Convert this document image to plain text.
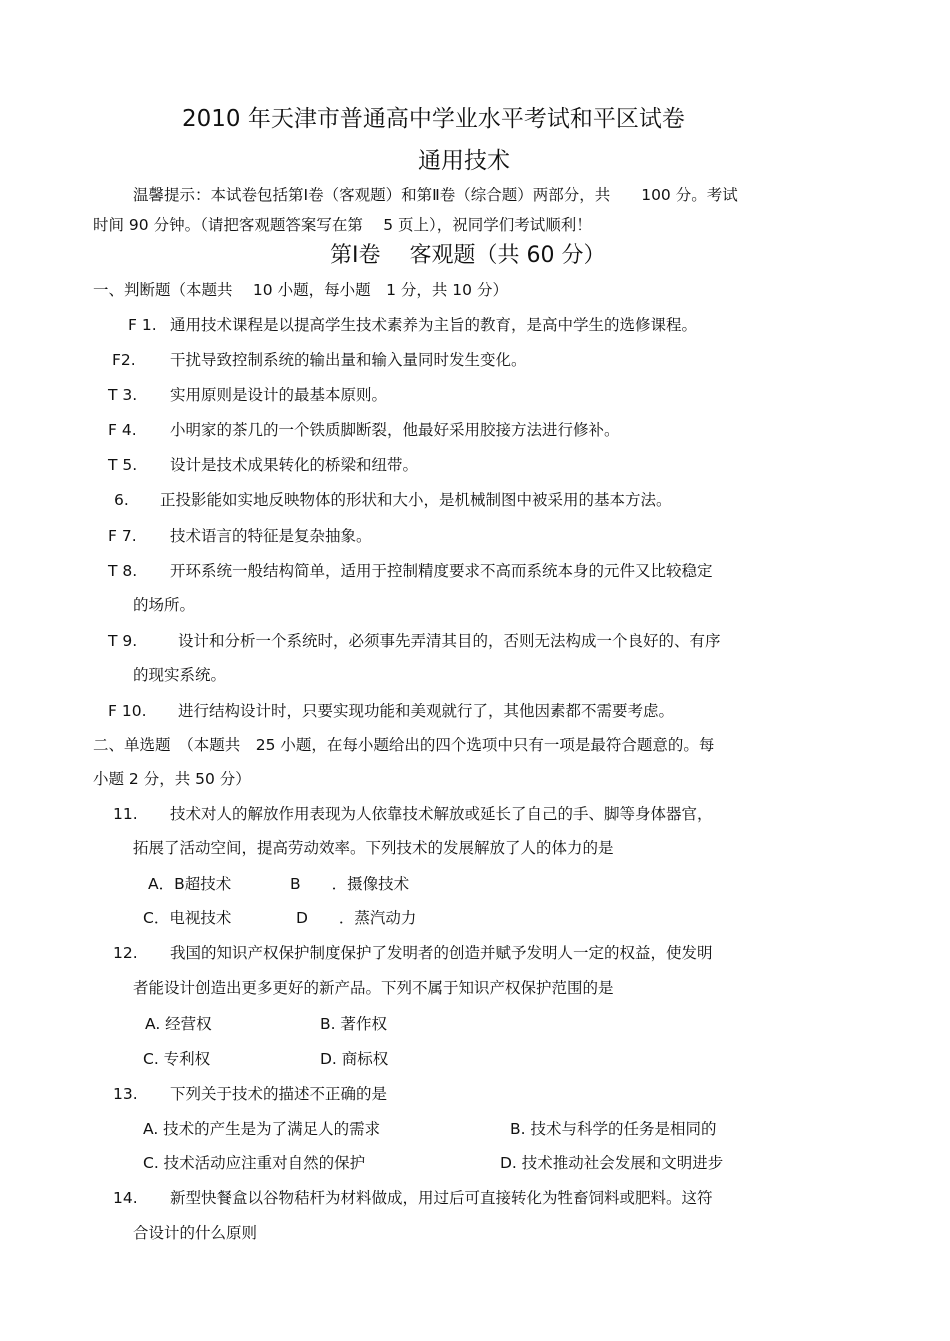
2010 年天津市普通高中学业水平考试和平区试卷
通用技术
温馨提示：本试卷包括第Ⅰ卷（客观题）和第Ⅱ卷（综合题）两部分，共　　100 分。考试
时间 90 分钟。（请把客观题答案写在第　 5 页上），祝同学们考试顺利！
第Ⅰ卷　 客观题（共 60 分）
一、判断题（本题共　 10 小题，每小题　1 分，共 10 分）
F 1. 通用技术课程是以提高学生技术素养为主旨的教育，是高中学生的选修课程。
F2. 干扰导致控制系统的输出量和输入量同时发生变化。
T 3. 实用原则是设计的最基本原则。
F 4. 小明家的茶几的一个铁质脚断裂，他最好采用胶接方法进行修补。
T 5. 设计是技术成果转化的桥梁和纽带。
6. 正投影能如实地反映物体的形状和大小，是机械制图中被采用的基本方法。
F 7. 技术语言的特征是复杂抽象。
T 8. 开环系统一般结构简单，适用于控制精度要求不高而系统本身的元件又比较稳定
的场所。
T 9.	设计和分析一个系统时，必须事先弄清其目的，否则无法构成一个良好的、有序
的现实系统。
F 10. 进行结构设计时，只要实现功能和美观就行了，其他因素都不需要考虑。
二、单选题　（本题共　25 小题，在每小题给出的四个选项中只有一项是最符合题意的。每
小题 2 分，共 50 分）
11. 技术对人的解放作用表现为人依靠技术解放或延长了自己的手、脚等身体器官，
拓展了活动空间，提高劳动效率。下列技术的发展解放了人的体力的是
A．B超技术	B　　．摄像技术
C．电视技术	D　　．蒸汽动力
12. 我国的知识产权保护制度保护了发明者的创造并赋予发明人一定的权益，使发明
者能设计创造出更多更好的新产品。下列不属于知识产权保护范围的是
A. 经营权	B. 著作权
C. 专利权	D. 商标权
13. 下列关于技术的描述不正确的是
A. 技术的产生是为了满足人的需求	B. 技术与科学的任务是相同的
C. 技术活动应注重对自然的保护	D. 技术推动社会发展和文明进步
14. 新型快餐盒以谷物秸杆为材料做成，用过后可直接转化为牲畜饲料或肥料。这符
合设计的什么原则
